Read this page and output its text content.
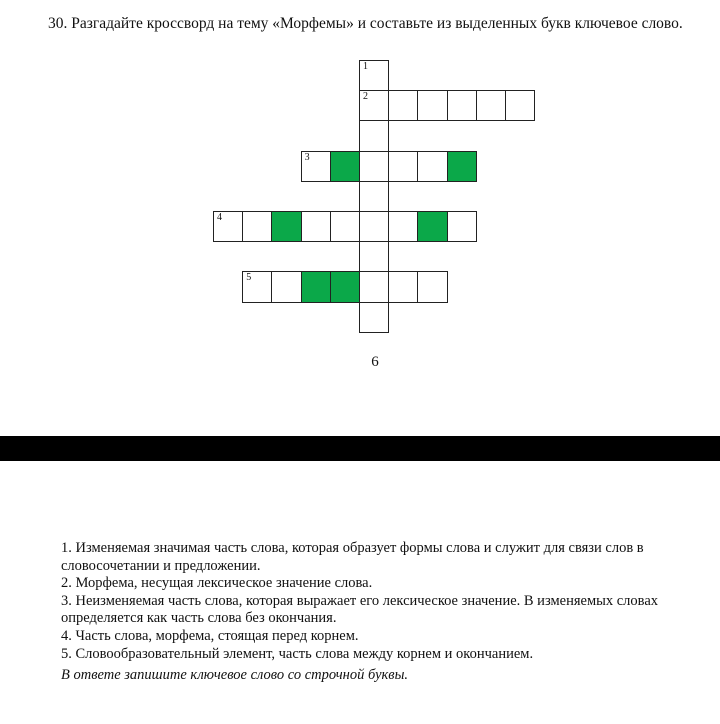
30. Разгадайте кроссворд на тему «Морфемы» и составьте из выделенных букв ключевое слово.

1
2
3
4
5
6
1. Изменяемая значимая часть слова, которая образует формы слова и служит для связи слов в словосочетании и предложении.
2. Морфема, несущая лексическое значение слова.
3. Неизменяемая часть слова, которая выражает его лексическое значение. В изменяемых словах определяется как часть слова без окончания.
4. Часть слова, морфема, стоящая перед корнем.
5. Словообразовательный элемент, часть слова между корнем и окончанием.

В ответе запишите ключевое слово со строчной буквы.
